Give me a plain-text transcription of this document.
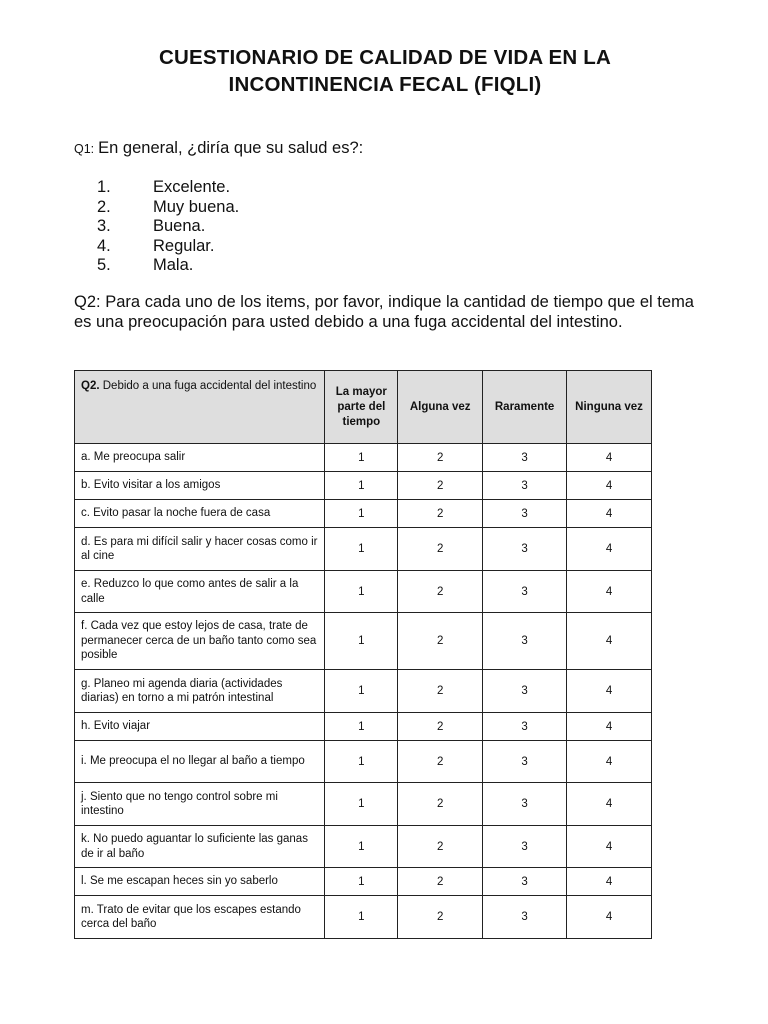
CUESTIONARIO DE CALIDAD DE VIDA EN LA
INCONTINENCIA FECAL (FIQLI)
Q1: En general, ¿diría que su salud es?:
1.	Excelente.
2.	Muy buena.
3.	Buena.
4.	Regular.
5.	Mala.
Q2: Para cada uno de los items, por favor, indique la cantidad de tiempo que el tema es una preocupación para usted debido a una fuga accidental del intestino.
Q2. Debido a una fuga accidental del intestino	La mayor parte del tiempo	Alguna vez	Raramente	Ninguna vez
a. Me preocupa salir	1	2	3	4
b. Evito visitar a los amigos	1	2	3	4
c. Evito pasar la noche fuera de casa	1	2	3	4
d. Es para mi difícil salir y hacer cosas como ir al cine	1	2	3	4
e. Reduzco lo que como antes de salir a la calle	1	2	3	4
f. Cada vez que estoy lejos de casa, trate de permanecer cerca de un baño tanto como sea posible	1	2	3	4
g. Planeo mi agenda diaria (actividades diarias) en torno a mi patrón intestinal	1	2	3	4
h. Evito viajar	1	2	3	4
i. Me preocupa el no llegar al baño a tiempo	1	2	3	4
j. Siento que no tengo control sobre mi intestino	1	2	3	4
k. No puedo aguantar lo suficiente las ganas de ir al baño	1	2	3	4
l. Se me escapan heces sin yo saberlo	1	2	3	4
m. Trato de evitar que los escapes estando cerca del baño	1	2	3	4
